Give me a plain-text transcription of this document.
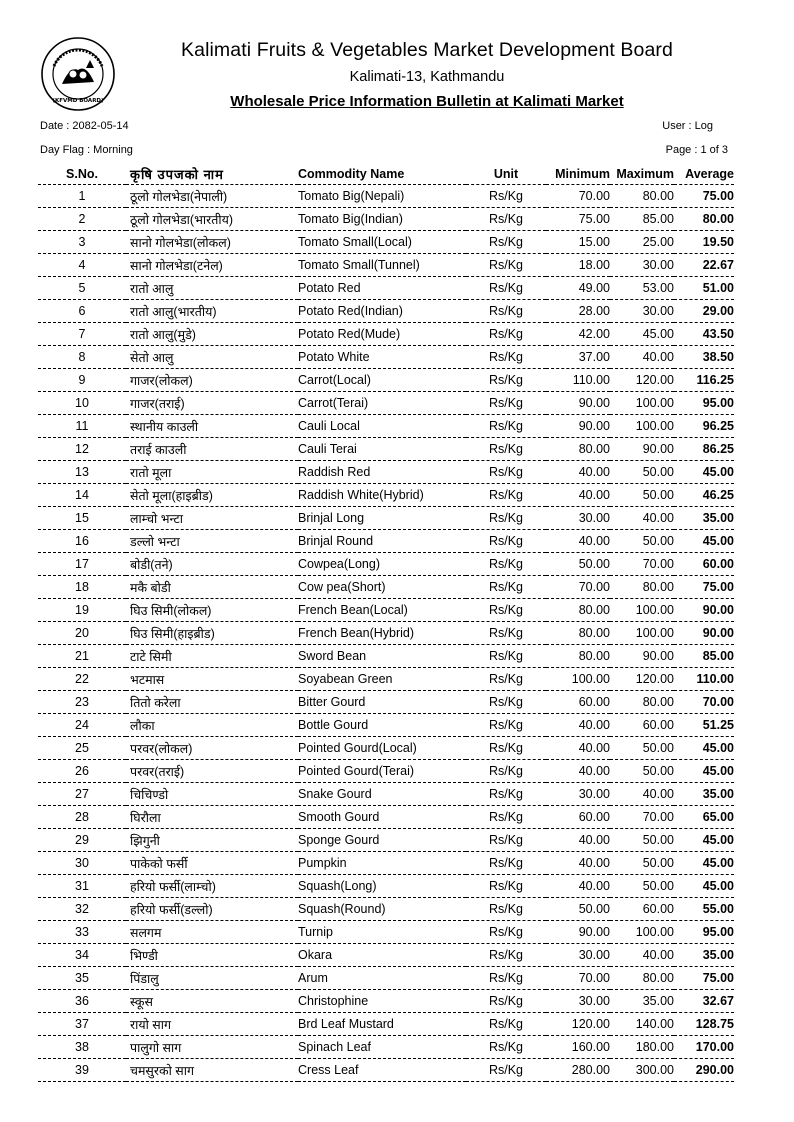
(KFVMD BOARD)
Kalimati Fruits & Vegetables Market Development Board
Kalimati-13, Kathmandu
Wholesale Price Information Bulletin at Kalimati Market
Date : 2082-05-14	User : Log
Day Flag : Morning	Page : 1 of 3
S.No.	कृषि उपजको नाम	Commodity Name	Unit	Minimum	Maximum	Average
1	ठूलो गोलभेडा(नेपाली)	Tomato Big(Nepali)	Rs/Kg	70.00	80.00	75.00
2	ठूलो गोलभेडा(भारतीय)	Tomato Big(Indian)	Rs/Kg	75.00	85.00	80.00
3	सानो गोलभेडा(लोकल)	Tomato Small(Local)	Rs/Kg	15.00	25.00	19.50
4	सानो गोलभेडा(टनेल)	Tomato Small(Tunnel)	Rs/Kg	18.00	30.00	22.67
5	रातो आलु	Potato Red	Rs/Kg	49.00	53.00	51.00
6	रातो आलु(भारतीय)	Potato Red(Indian)	Rs/Kg	28.00	30.00	29.00
7	रातो आलु(मुडे)	Potato Red(Mude)	Rs/Kg	42.00	45.00	43.50
8	सेतो आलु	Potato White	Rs/Kg	37.00	40.00	38.50
9	गाजर(लोकल)	Carrot(Local)	Rs/Kg	110.00	120.00	116.25
10	गाजर(तराई)	Carrot(Terai)	Rs/Kg	90.00	100.00	95.00
11	स्थानीय काउली	Cauli Local	Rs/Kg	90.00	100.00	96.25
12	तराई काउली	Cauli Terai	Rs/Kg	80.00	90.00	86.25
13	रातो मूला	Raddish Red	Rs/Kg	40.00	50.00	45.00
14	सेतो मूला(हाइब्रीड)	Raddish White(Hybrid)	Rs/Kg	40.00	50.00	46.25
15	लाम्चो भन्टा	Brinjal Long	Rs/Kg	30.00	40.00	35.00
16	डल्लो भन्टा	Brinjal Round	Rs/Kg	40.00	50.00	45.00
17	बोडी(तने)	Cowpea(Long)	Rs/Kg	50.00	70.00	60.00
18	मकै बोडी	Cow pea(Short)	Rs/Kg	70.00	80.00	75.00
19	घिउ सिमी(लोकल)	French Bean(Local)	Rs/Kg	80.00	100.00	90.00
20	घिउ सिमी(हाइब्रीड)	French Bean(Hybrid)	Rs/Kg	80.00	100.00	90.00
21	टाटे सिमी	Sword Bean	Rs/Kg	80.00	90.00	85.00
22	भटमास	Soyabean Green	Rs/Kg	100.00	120.00	110.00
23	तितो करेला	Bitter Gourd	Rs/Kg	60.00	80.00	70.00
24	लौका	Bottle Gourd	Rs/Kg	40.00	60.00	51.25
25	परवर(लोकल)	Pointed Gourd(Local)	Rs/Kg	40.00	50.00	45.00
26	परवर(तराई)	Pointed Gourd(Terai)	Rs/Kg	40.00	50.00	45.00
27	चिचिण्डो	Snake Gourd	Rs/Kg	30.00	40.00	35.00
28	घिरौला	Smooth Gourd	Rs/Kg	60.00	70.00	65.00
29	झिगुनी	Sponge Gourd	Rs/Kg	40.00	50.00	45.00
30	पाकेको फर्सी	Pumpkin	Rs/Kg	40.00	50.00	45.00
31	हरियो फर्सी(लाम्चो)	Squash(Long)	Rs/Kg	40.00	50.00	45.00
32	हरियो फर्सी(डल्लो)	Squash(Round)	Rs/Kg	50.00	60.00	55.00
33	सलगम	Turnip	Rs/Kg	90.00	100.00	95.00
34	भिण्डी	Okara	Rs/Kg	30.00	40.00	35.00
35	पिंडालु	Arum	Rs/Kg	70.00	80.00	75.00
36	स्कूस	Christophine	Rs/Kg	30.00	35.00	32.67
37	रायो साग	Brd Leaf Mustard	Rs/Kg	120.00	140.00	128.75
38	पालुगो साग	Spinach Leaf	Rs/Kg	160.00	180.00	170.00
39	चमसुरको साग	Cress Leaf	Rs/Kg	280.00	300.00	290.00
